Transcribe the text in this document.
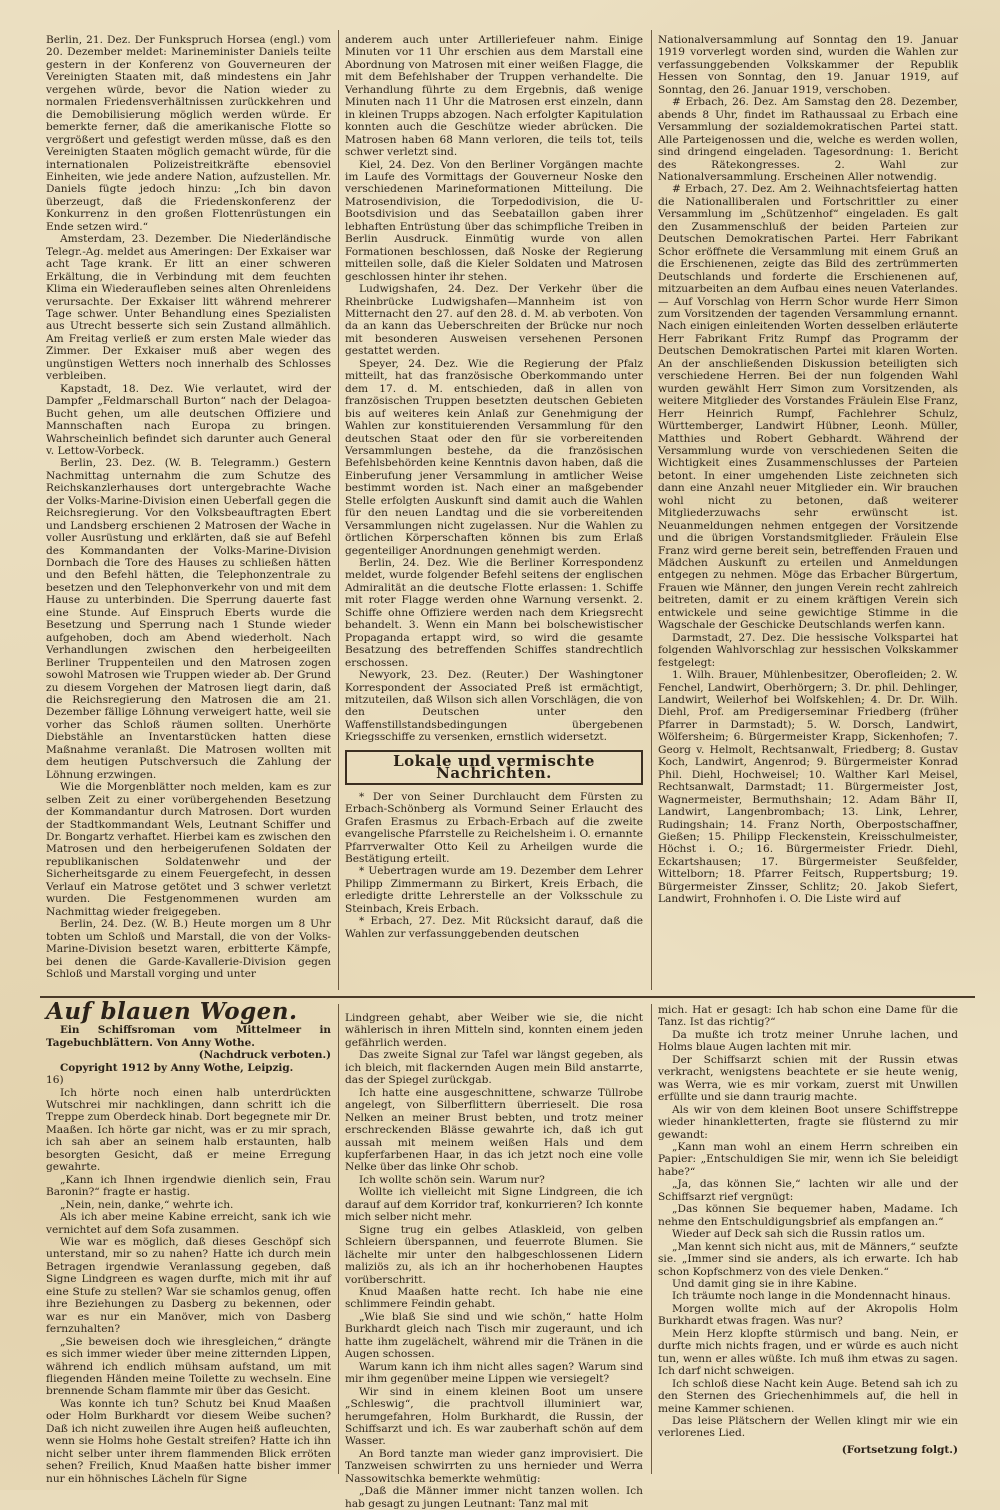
Berlin, 21. Dez. Der Funkspruch Horsea (engl.) vom 20. Dezember meldet: Marineminister Daniels teilte gestern in der Konferenz von Gouverneuren der Vereinigten Staaten mit, daß mindestens ein Jahr vergehen würde, bevor die Nation wieder zu normalen Friedensverhältnissen zurückkehren und die Demobilisierung möglich werden würde. Er bemerkte ferner, daß die amerikanische Flotte so vergrößert und gefestigt werden müsse, daß es den Vereinigten Staaten möglich gemacht würde, für die internationalen Polizeistreitkräfte ebensoviel Einheiten, wie jede andere Nation, aufzustellen. Mr. Daniels fügte jedoch hinzu: „Ich bin davon überzeugt, daß die Friedenskonferenz der Konkurrenz in den großen Flottenrüstungen ein Ende setzen wird.“

Amsterdam, 23. Dezember. Die Niederländische Telegr.-Ag. meldet aus Ameringen: Der Exkaiser war acht Tage krank. Er litt an einer schweren Erkältung, die in Verbindung mit dem feuchten Klima ein Wiederaufleben seines alten Ohrenleidens verursachte. Der Exkaiser litt während mehrerer Tage schwer. Unter Behandlung eines Spezialisten aus Utrecht besserte sich sein Zustand allmählich. Am Freitag verließ er zum ersten Male wieder das Zimmer. Der Exkaiser muß aber wegen des ungünstigen Wetters noch innerhalb des Schlosses verbleiben.

Kapstadt, 18. Dez. Wie verlautet, wird der Dampfer „Feldmarschall Burton“ nach der Delagoa-Bucht gehen, um alle deutschen Offiziere und Mannschaften nach Europa zu bringen. Wahrscheinlich befindet sich darunter auch General v. Lettow-Vorbeck.

Berlin, 23. Dez. (W. B. Telegramm.) Gestern Nachmittag unternahm die zum Schutze des Reichskanzlerhauses dort untergebrachte Wache der Volks-Marine-Division einen Ueberfall gegen die Reichsregierung. Vor den Volksbeauftragten Ebert und Landsberg erschienen 2 Matrosen der Wache in voller Ausrüstung und erklärten, daß sie auf Befehl des Kommandanten der Volks-Marine-Division Dornbach die Tore des Hauses zu schließen hätten und den Befehl hätten, die Telephonzentrale zu besetzen und den Telephonverkehr von und mit dem Hause zu unterbinden. Die Sperrung dauerte fast eine Stunde. Auf Einspruch Eberts wurde die Besetzung und Sperrung nach 1 Stunde wieder aufgehoben, doch am Abend wiederholt. Nach Verhandlungen zwischen den herbeigeeilten Berliner Truppenteilen und den Matrosen zogen sowohl Matrosen wie Truppen wieder ab. Der Grund zu diesem Vorgehen der Matrosen liegt darin, daß die Reichsregierung den Matrosen die am 21. Dezember fällige Löhnung verweigert hatte, weil sie vorher das Schloß räumen sollten. Unerhörte Diebstähle an Inventarstücken hatten diese Maßnahme veranlaßt. Die Matrosen wollten mit dem heutigen Putschversuch die Zahlung der Löhnung erzwingen.

Wie die Morgenblätter noch melden, kam es zur selben Zeit zu einer vorübergehenden Besetzung der Kommandantur durch Matrosen. Dort wurden der Stadtkommandant Wels, Leutnant Schiffer und Dr. Bongartz verhaftet. Hierbei kam es zwischen den Matrosen und den herbeigerufenen Soldaten der republikanischen Soldatenwehr und der Sicherheitsgarde zu einem Feuergefecht, in dessen Verlauf ein Matrose getötet und 3 schwer verletzt wurden. Die Festgenommenen wurden am Nachmittag wieder freigegeben.

Berlin, 24. Dez. (W. B.) Heute morgen um 8 Uhr tobten um Schloß und Marstall, die von der Volks-Marine-Division besetzt waren, erbitterte Kämpfe, bei denen die Garde-Kavallerie-Division gegen Schloß und Marstall vorging und unter

anderem auch unter Artilleriefeuer nahm. Einige Minuten vor 11 Uhr erschien aus dem Marstall eine Abordnung von Matrosen mit einer weißen Flagge, die mit dem Befehlshaber der Truppen verhandelte. Die Verhandlung führte zu dem Ergebnis, daß wenige Minuten nach 11 Uhr die Matrosen erst einzeln, dann in kleinen Trupps abzogen. Nach erfolgter Kapitulation konnten auch die Geschütze wieder abrücken. Die Matrosen haben 68 Mann verloren, die teils tot, teils schwer verletzt sind.

Kiel, 24. Dez. Von den Berliner Vorgängen machte im Laufe des Vormittags der Gouverneur Noske den verschiedenen Marineformationen Mitteilung. Die Matrosendivision, die Torpedodivision, die U-Bootsdivision und das Seebataillon gaben ihrer lebhaften Entrüstung über das schimpfliche Treiben in Berlin Ausdruck. Einmütig wurde von allen Formationen beschlossen, daß Noske der Regierung mitteilen solle, daß die Kieler Soldaten und Matrosen geschlossen hinter ihr stehen.

Ludwigshafen, 24. Dez. Der Verkehr über die Rheinbrücke Ludwigshafen—Mannheim ist von Mitternacht den 27. auf den 28. d. M. ab verboten. Von da an kann das Ueberschreiten der Brücke nur noch mit besonderen Ausweisen versehenen Personen gestattet werden.

Speyer, 24. Dez. Wie die Regierung der Pfalz mitteilt, hat das französische Oberkommando unter dem 17. d. M. entschieden, daß in allen von französischen Truppen besetzten deutschen Gebieten bis auf weiteres kein Anlaß zur Genehmigung der Wahlen zur konstituierenden Versammlung für den deutschen Staat oder den für sie vorbereitenden Versammlungen bestehe, da die französischen Befehlsbehörden keine Kenntnis davon haben, daß die Einberufung jener Versammlung in amtlicher Weise bestimmt worden ist. Nach einer an maßgebender Stelle erfolgten Auskunft sind damit auch die Wahlen für den neuen Landtag und die sie vorbereitenden Versammlungen nicht zugelassen. Nur die Wahlen zu örtlichen Körperschaften können bis zum Erlaß gegenteiliger Anordnungen genehmigt werden.

Berlin, 24. Dez. Wie die Berliner Korrespondenz meldet, wurde folgender Befehl seitens der englischen Admiralität an die deutsche Flotte erlassen: 1. Schiffe mit roter Flagge werden ohne Warnung versenkt. 2. Schiffe ohne Offiziere werden nach dem Kriegsrecht behandelt. 3. Wenn ein Mann bei bolschewistischer Propaganda ertappt wird, so wird die gesamte Besatzung des betreffenden Schiffes standrechtlich erschossen.

Newyork, 23. Dez. (Reuter.) Der Washingtoner Korrespondent der Associated Preß ist ermächtigt, mitzuteilen, daß Wilson sich allen Vorschlägen, die von den Deutschen unter den Waffenstillstandsbedingungen übergebenen Kriegsschiffe zu versenken, ernstlich widersetzt.

Lokale und vermischte Nachrichten.

* Der von Seiner Durchlaucht dem Fürsten zu Erbach-Schönberg als Vormund Seiner Erlaucht des Grafen Erasmus zu Erbach-Erbach auf die zweite evangelische Pfarrstelle zu Reichelsheim i. O. ernannte Pfarrverwalter Otto Keil zu Arheilgen wurde die Bestätigung erteilt.

* Uebertragen wurde am 19. Dezember dem Lehrer Philipp Zimmermann zu Birkert, Kreis Erbach, die erledigte dritte Lehrerstelle an der Volksschule zu Steinbach, Kreis Erbach.

* Erbach, 27. Dez. Mit Rücksicht darauf, daß die Wahlen zur verfassunggebenden deutschen

Nationalversammlung auf Sonntag den 19. Januar 1919 vorverlegt worden sind, wurden die Wahlen zur verfassunggebenden Volkskammer der Republik Hessen von Sonntag, den 19. Januar 1919, auf Sonntag, den 26. Januar 1919, verschoben.

# Erbach, 26. Dez. Am Samstag den 28. Dezember, abends 8 Uhr, findet im Rathaussaal zu Erbach eine Versammlung der sozialdemokratischen Partei statt. Alle Parteigenossen und die, welche es werden wollen, sind dringend eingeladen. Tagesordnung: 1. Bericht des Rätekongresses. 2. Wahl zur Nationalversammlung. Erscheinen Aller notwendig.

# Erbach, 27. Dez. Am 2. Weihnachtsfeiertag hatten die Nationalliberalen und Fortschrittler zu einer Versammlung im „Schützenhof“ eingeladen. Es galt den Zusammenschluß der beiden Parteien zur Deutschen Demokratischen Partei. Herr Fabrikant Schor eröffnete die Versammlung mit einem Gruß an die Erschienenen, zeigte das Bild des zertrümmerten Deutschlands und forderte die Erschienenen auf, mitzuarbeiten an dem Aufbau eines neuen Vaterlandes. — Auf Vorschlag von Herrn Schor wurde Herr Simon zum Vorsitzenden der tagenden Versammlung ernannt. Nach einigen einleitenden Worten desselben erläuterte Herr Fabrikant Fritz Rumpf das Programm der Deutschen Demokratischen Partei mit klaren Worten. An der anschließenden Diskussion beteiligten sich verschiedene Herren. Bei der nun folgenden Wahl wurden gewählt Herr Simon zum Vorsitzenden, als weitere Mitglieder des Vorstandes Fräulein Else Franz, Herr Heinrich Rumpf, Fachlehrer Schulz, Württemberger, Landwirt Hübner, Leonh. Müller, Matthies und Robert Gebhardt. Während der Versammlung wurde von verschiedenen Seiten die Wichtigkeit eines Zusammenschlusses der Parteien betont. In einer umgehenden Liste zeichneten sich dann eine Anzahl neuer Mitglieder ein. Wir brauchen wohl nicht zu betonen, daß weiterer Mitgliederzuwachs sehr erwünscht ist. Neuanmeldungen nehmen entgegen der Vorsitzende und die übrigen Vorstandsmitglieder. Fräulein Else Franz wird gerne bereit sein, betreffenden Frauen und Mädchen Auskunft zu erteilen und Anmeldungen entgegen zu nehmen. Möge das Erbacher Bürgertum, Frauen wie Männer, den jungen Verein recht zahlreich beitreten, damit er zu einem kräftigen Verein sich entwickele und seine gewichtige Stimme in die Wagschale der Geschicke Deutschlands werfen kann.

Darmstadt, 27. Dez. Die hessische Volkspartei hat folgenden Wahlvorschlag zur hessischen Volkskammer festgelegt:

1. Wilh. Brauer, Mühlenbesitzer, Oberofleiden; 2. W. Fenchel, Landwirt, Oberhörgern; 3. Dr. phil. Dehlinger, Landwirt, Weilerhof bei Wolfskehlen; 4. Dr. Dr. Wilh. Diehl, Prof. am Predigerseminar Friedberg (früher Pfarrer in Darmstadt); 5. W. Dorsch, Landwirt, Wölfersheim; 6. Bürgermeister Krapp, Sickenhofen; 7. Georg v. Helmolt, Rechtsanwalt, Friedberg; 8. Gustav Koch, Landwirt, Angenrod; 9. Bürgermeister Konrad Phil. Diehl, Hochweisel; 10. Walther Karl Meisel, Rechtsanwalt, Darmstadt; 11. Bürgermeister Jost, Wagnermeister, Bermuthshain; 12. Adam Bähr II, Landwirt, Langenbrombach; 13. Link, Lehrer, Rudingshain; 14. Franz North, Oberpostschaffner, Gießen; 15. Philipp Fleckenstein, Kreisschulmeister, Höchst i. O.; 16. Bürgermeister Friedr. Diehl, Eckartshausen; 17. Bürgermeister Seußfelder, Wittelborn; 18. Pfarrer Feitsch, Ruppertsburg; 19. Bürgermeister Zinsser, Schlitz; 20. Jakob Siefert, Landwirt, Frohnhofen i. O. Die Liste wird auf

Auf blauen Wogen.

Ein Schiffsroman vom Mittelmeer in Tagebuchblättern. Von Anny Wothe.

(Nachdruck verboten.)

Copyright 1912 by Anny Wothe, Leipzig.

16)

Ich hörte noch einen halb unterdrückten Wutschrei mir nachklingen, dann schritt ich die Treppe zum Oberdeck hinab. Dort begegnete mir Dr. Maaßen. Ich hörte gar nicht, was er zu mir sprach, ich sah aber an seinem halb erstaunten, halb besorgten Gesicht, daß er meine Erregung gewahrte.

„Kann ich Ihnen irgendwie dienlich sein, Frau Baronin?“ fragte er hastig.

„Nein, nein, danke,“ wehrte ich.

Als ich aber meine Kabine erreicht, sank ich wie vernichtet auf dem Sofa zusammen.

Wie war es möglich, daß dieses Geschöpf sich unterstand, mir so zu nahen? Hatte ich durch mein Betragen irgendwie Veranlassung gegeben, daß Signe Lindgreen es wagen durfte, mich mit ihr auf eine Stufe zu stellen? War sie schamlos genug, offen ihre Beziehungen zu Dasberg zu bekennen, oder war es nur ein Manöver, mich von Dasberg fernzuhalten?

„Sie beweisen doch wie ihresgleichen,“ drängte es sich immer wieder über meine zitternden Lippen, während ich endlich mühsam aufstand, um mit fliegenden Händen meine Toilette zu wechseln. Eine brennende Scham flammte mir über das Gesicht.

Was konnte ich tun? Schutz bei Knud Maaßen oder Holm Burkhardt vor diesem Weibe suchen? Daß ich nicht zuweilen ihre Augen heiß aufleuchten, wenn sie Holms hohe Gestalt streifen? Hatte ich ihn nicht selber unter ihrem flammenden Blick erröten sehen? Freilich, Knud Maaßen hatte bisher immer nur ein höhnisches Lächeln für Signe

Lindgreen gehabt, aber Weiber wie sie, die nicht wählerisch in ihren Mitteln sind, konnten einem jeden gefährlich werden.

Das zweite Signal zur Tafel war längst gegeben, als ich bleich, mit flackernden Augen mein Bild anstarrte, das der Spiegel zurückgab.

Ich hatte eine ausgeschnittene, schwarze Tüllrobe angelegt, von Silberflittern überrieselt. Die rosa Nelken an meiner Brust bebten, und trotz meiner erschreckenden Blässe gewahrte ich, daß ich gut aussah mit meinem weißen Hals und dem kupferfarbenen Haar, in das ich jetzt noch eine volle Nelke über das linke Ohr schob.

Ich wollte schön sein. Warum nur?

Wollte ich vielleicht mit Signe Lindgreen, die ich darauf auf dem Korridor traf, konkurrieren? Ich konnte mich selber nicht mehr.

Signe trug ein gelbes Atlaskleid, von gelben Schleiern überspannen, und feuerrote Blumen. Sie lächelte mir unter den halbgeschlossenen Lidern maliziös zu, als ich an ihr hocherhobenen Hauptes vorüberschritt.

Knud Maaßen hatte recht. Ich habe nie eine schlimmere Feindin gehabt.

„Wie blaß Sie sind und wie schön,“ hatte Holm Burkhardt gleich nach Tisch mir zugeraunt, und ich hatte ihm zugelächelt, während mir die Tränen in die Augen schossen.

Warum kann ich ihm nicht alles sagen? Warum sind mir ihm gegenüber meine Lippen wie versiegelt?

Wir sind in einem kleinen Boot um unsere „Schleswig“, die prachtvoll illuminiert war, herumgefahren, Holm Burkhardt, die Russin, der Schiffsarzt und ich. Es war zauberhaft schön auf dem Wasser.

An Bord tanzte man wieder ganz improvisiert. Die Tanzweisen schwirrten zu uns hernieder und Werra Nassowitschka bemerkte wehmütig:

„Daß die Männer immer nicht tanzen wollen. Ich hab gesagt zu jungen Leutnant: Tanz mal mit

mich. Hat er gesagt: Ich hab schon eine Dame für die Tanz. Ist das richtig?“

Da mußte ich trotz meiner Unruhe lachen, und Holms blaue Augen lachten mit mir.

Der Schiffsarzt schien mit der Russin etwas verkracht, wenigstens beachtete er sie heute wenig, was Werra, wie es mir vorkam, zuerst mit Unwillen erfüllte und sie dann traurig machte.

Als wir von dem kleinen Boot unsere Schiffstreppe wieder hinankletterten, fragte sie flüsternd zu mir gewandt:

„Kann man wohl an einem Herrn schreiben ein Papier: „Entschuldigen Sie mir, wenn ich Sie beleidigt habe?“

„Ja, das können Sie,“ lachten wir alle und der Schiffsarzt rief vergnügt:

„Das können Sie bequemer haben, Madame. Ich nehme den Entschuldigungsbrief als empfangen an.“

Wieder auf Deck sah sich die Russin ratlos um.

„Man kennt sich nicht aus, mit de Männers,“ seufzte sie. „Immer sind sie anders, als ich erwarte. Ich hab schon Kopfschmerz von des viele Denken.“

Und damit ging sie in ihre Kabine.

Ich träumte noch lange in die Mondennacht hinaus.

Morgen wollte mich auf der Akropolis Holm Burkhardt etwas fragen. Was nur?

Mein Herz klopfte stürmisch und bang. Nein, er durfte mich nichts fragen, und er würde es auch nicht tun, wenn er alles wüßte. Ich muß ihm etwas zu sagen. Ich darf nicht schweigen.

Ich schloß diese Nacht kein Auge. Betend sah ich zu den Sternen des Griechenhimmels auf, die hell in meine Kammer schienen.

Das leise Plätschern der Wellen klingt mir wie ein verlorenes Lied.

(Fortsetzung folgt.)
